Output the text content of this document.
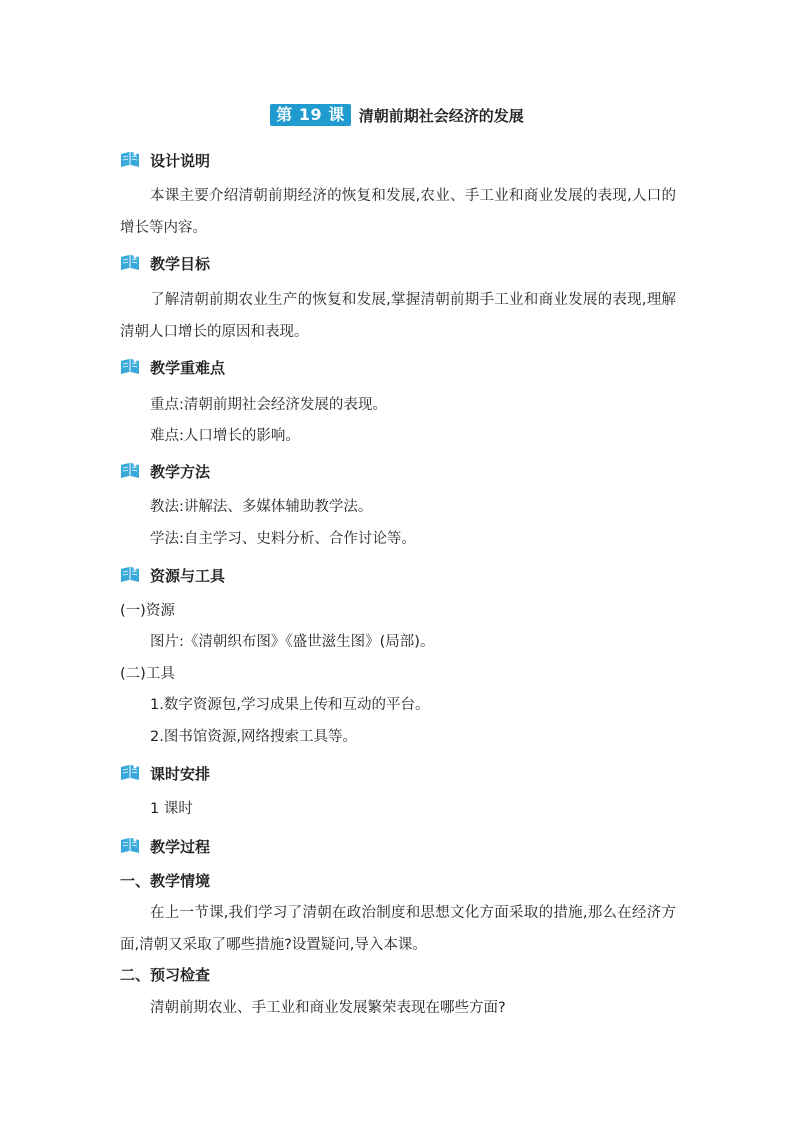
第 19 课 清朝前期社会经济的发展
设计说明
本课主要介绍清朝前期经济的恢复和发展,农业、手工业和商业发展的表现,人口的增长等内容。
教学目标
了解清朝前期农业生产的恢复和发展,掌握清朝前期手工业和商业发展的表现,理解清朝人口增长的原因和表现。
教学重难点
重点:清朝前期社会经济发展的表现。
难点:人口增长的影响。
教学方法
教法:讲解法、多媒体辅助教学法。
学法:自主学习、史料分析、合作讨论等。
资源与工具
(一)资源
图片:《清朝织布图》《盛世滋生图》(局部)。
(二)工具
1.数字资源包,学习成果上传和互动的平台。
2.图书馆资源,网络搜索工具等。
课时安排
1 课时
教学过程
一、教学情境
在上一节课,我们学习了清朝在政治制度和思想文化方面采取的措施,那么在经济方面,清朝又采取了哪些措施?设置疑问,导入本课。
二、预习检查
清朝前期农业、手工业和商业发展繁荣表现在哪些方面?
